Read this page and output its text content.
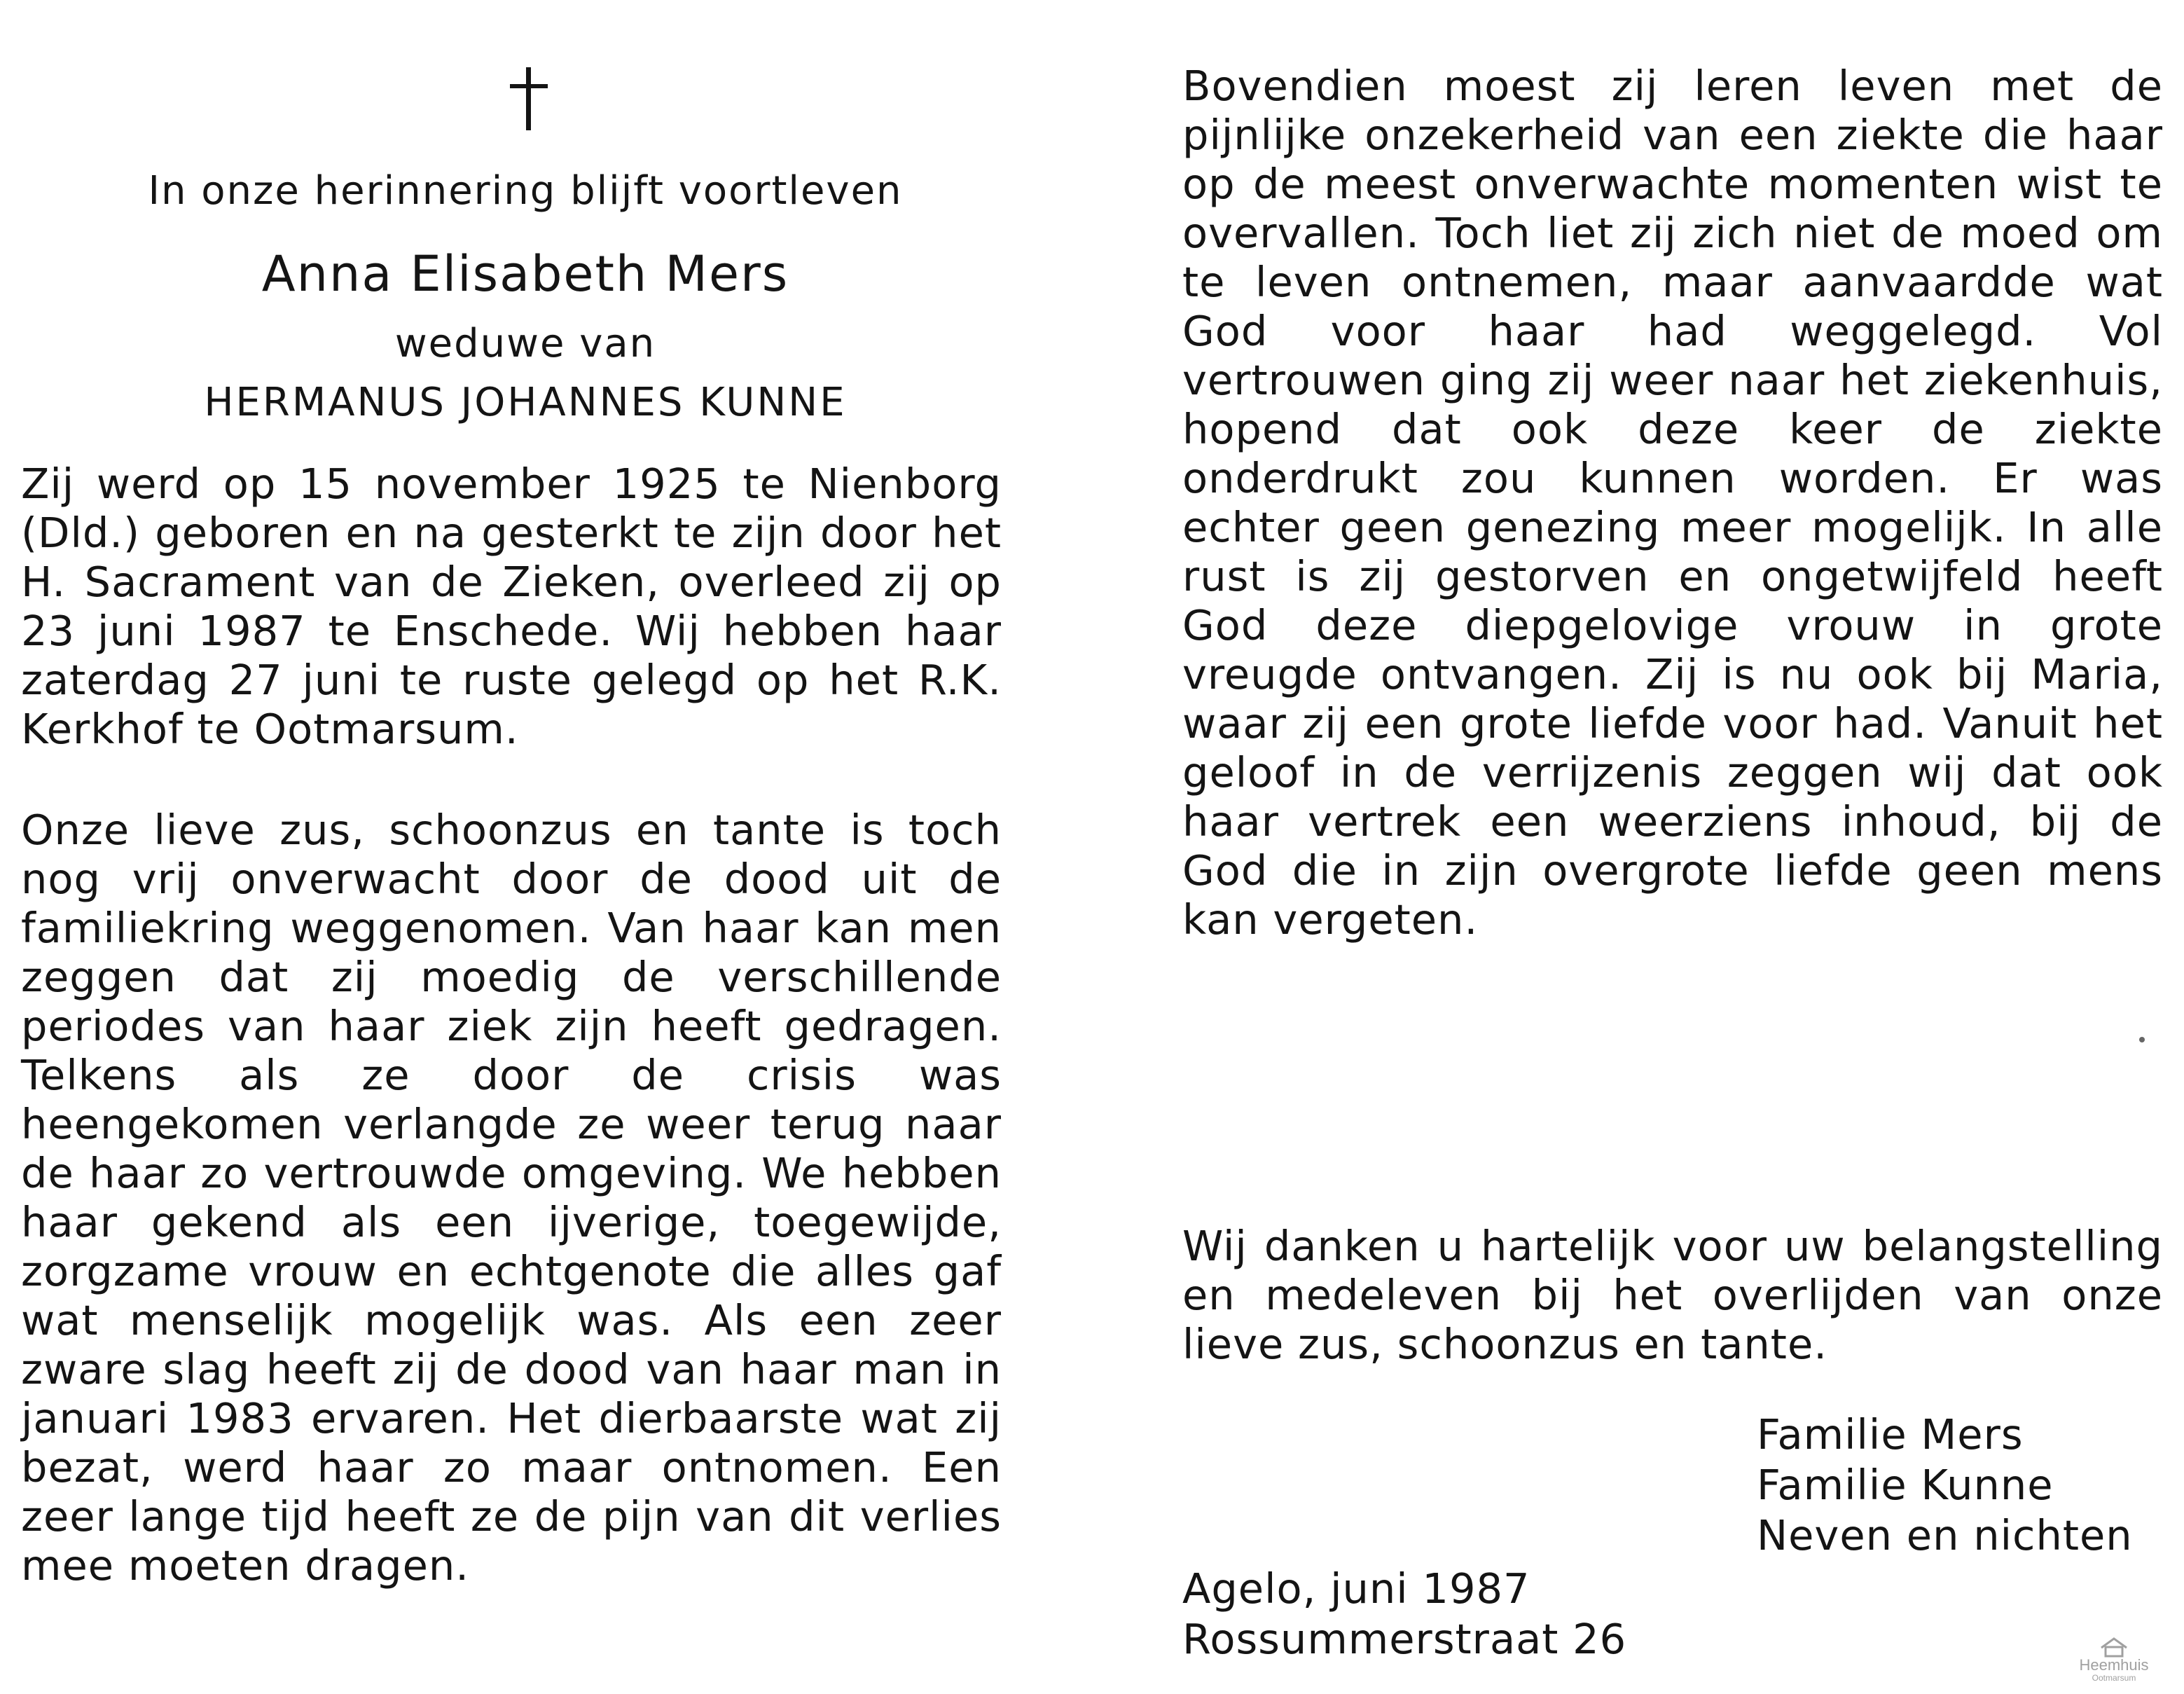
In onze herinnering blijft voortleven
Anna Elisabeth Mers
weduwe van
HERMANUS JOHANNES KUNNE

Zij werd op 15 november 1925 te Nienborg (Dld.) geboren en na gesterkt te zijn door het H. Sacrament van de Zieken, overleed zij op 23 juni 1987 te Enschede. Wij hebben haar zaterdag 27 juni te ruste gelegd op het R.K. Kerkhof te Ootmarsum.

Onze lieve zus, schoonzus en tante is toch nog vrij onverwacht door de dood uit de familiekring weggenomen. Van haar kan men zeggen dat zij moedig de verschillende periodes van haar ziek zijn heeft gedragen. Telkens als ze door de crisis was heengekomen verlangde ze weer terug naar de haar zo vertrouwde omgeving. We hebben haar gekend als een ijverige, toegewijde, zorgzame vrouw en echtgenote die alles gaf wat menselijk mogelijk was. Als een zeer zware slag heeft zij de dood van haar man in januari 1983 ervaren. Het dierbaarste wat zij bezat, werd haar zo maar ontnomen. Een zeer lange tijd heeft ze de pijn van dit verlies mee moeten dragen.

Bovendien moest zij leren leven met de pijnlijke onzekerheid van een ziekte die haar op de meest onverwachte momenten wist te overvallen. Toch liet zij zich niet de moed om te leven ontnemen, maar aanvaardde wat God voor haar had weggelegd. Vol vertrouwen ging zij weer naar het ziekenhuis, hopend dat ook deze keer de ziekte onderdrukt zou kunnen worden. Er was echter geen genezing meer mogelijk. In alle rust is zij gestorven en ongetwijfeld heeft God deze diepgelovige vrouw in grote vreugde ontvangen. Zij is nu ook bij Maria, waar zij een grote liefde voor had. Vanuit het geloof in de verrijzenis zeggen wij dat ook haar vertrek een weerziens inhoud, bij de God die in zijn overgrote liefde geen mens kan vergeten.

Wij danken u hartelijk voor uw belangstelling en medeleven bij het overlijden van onze lieve zus, schoonzus en tante.

Familie Mers
Familie Kunne
Neven en nichten
Agelo, juni 1987
Rossummerstraat 26
Heemhuis
Ootmarsum
